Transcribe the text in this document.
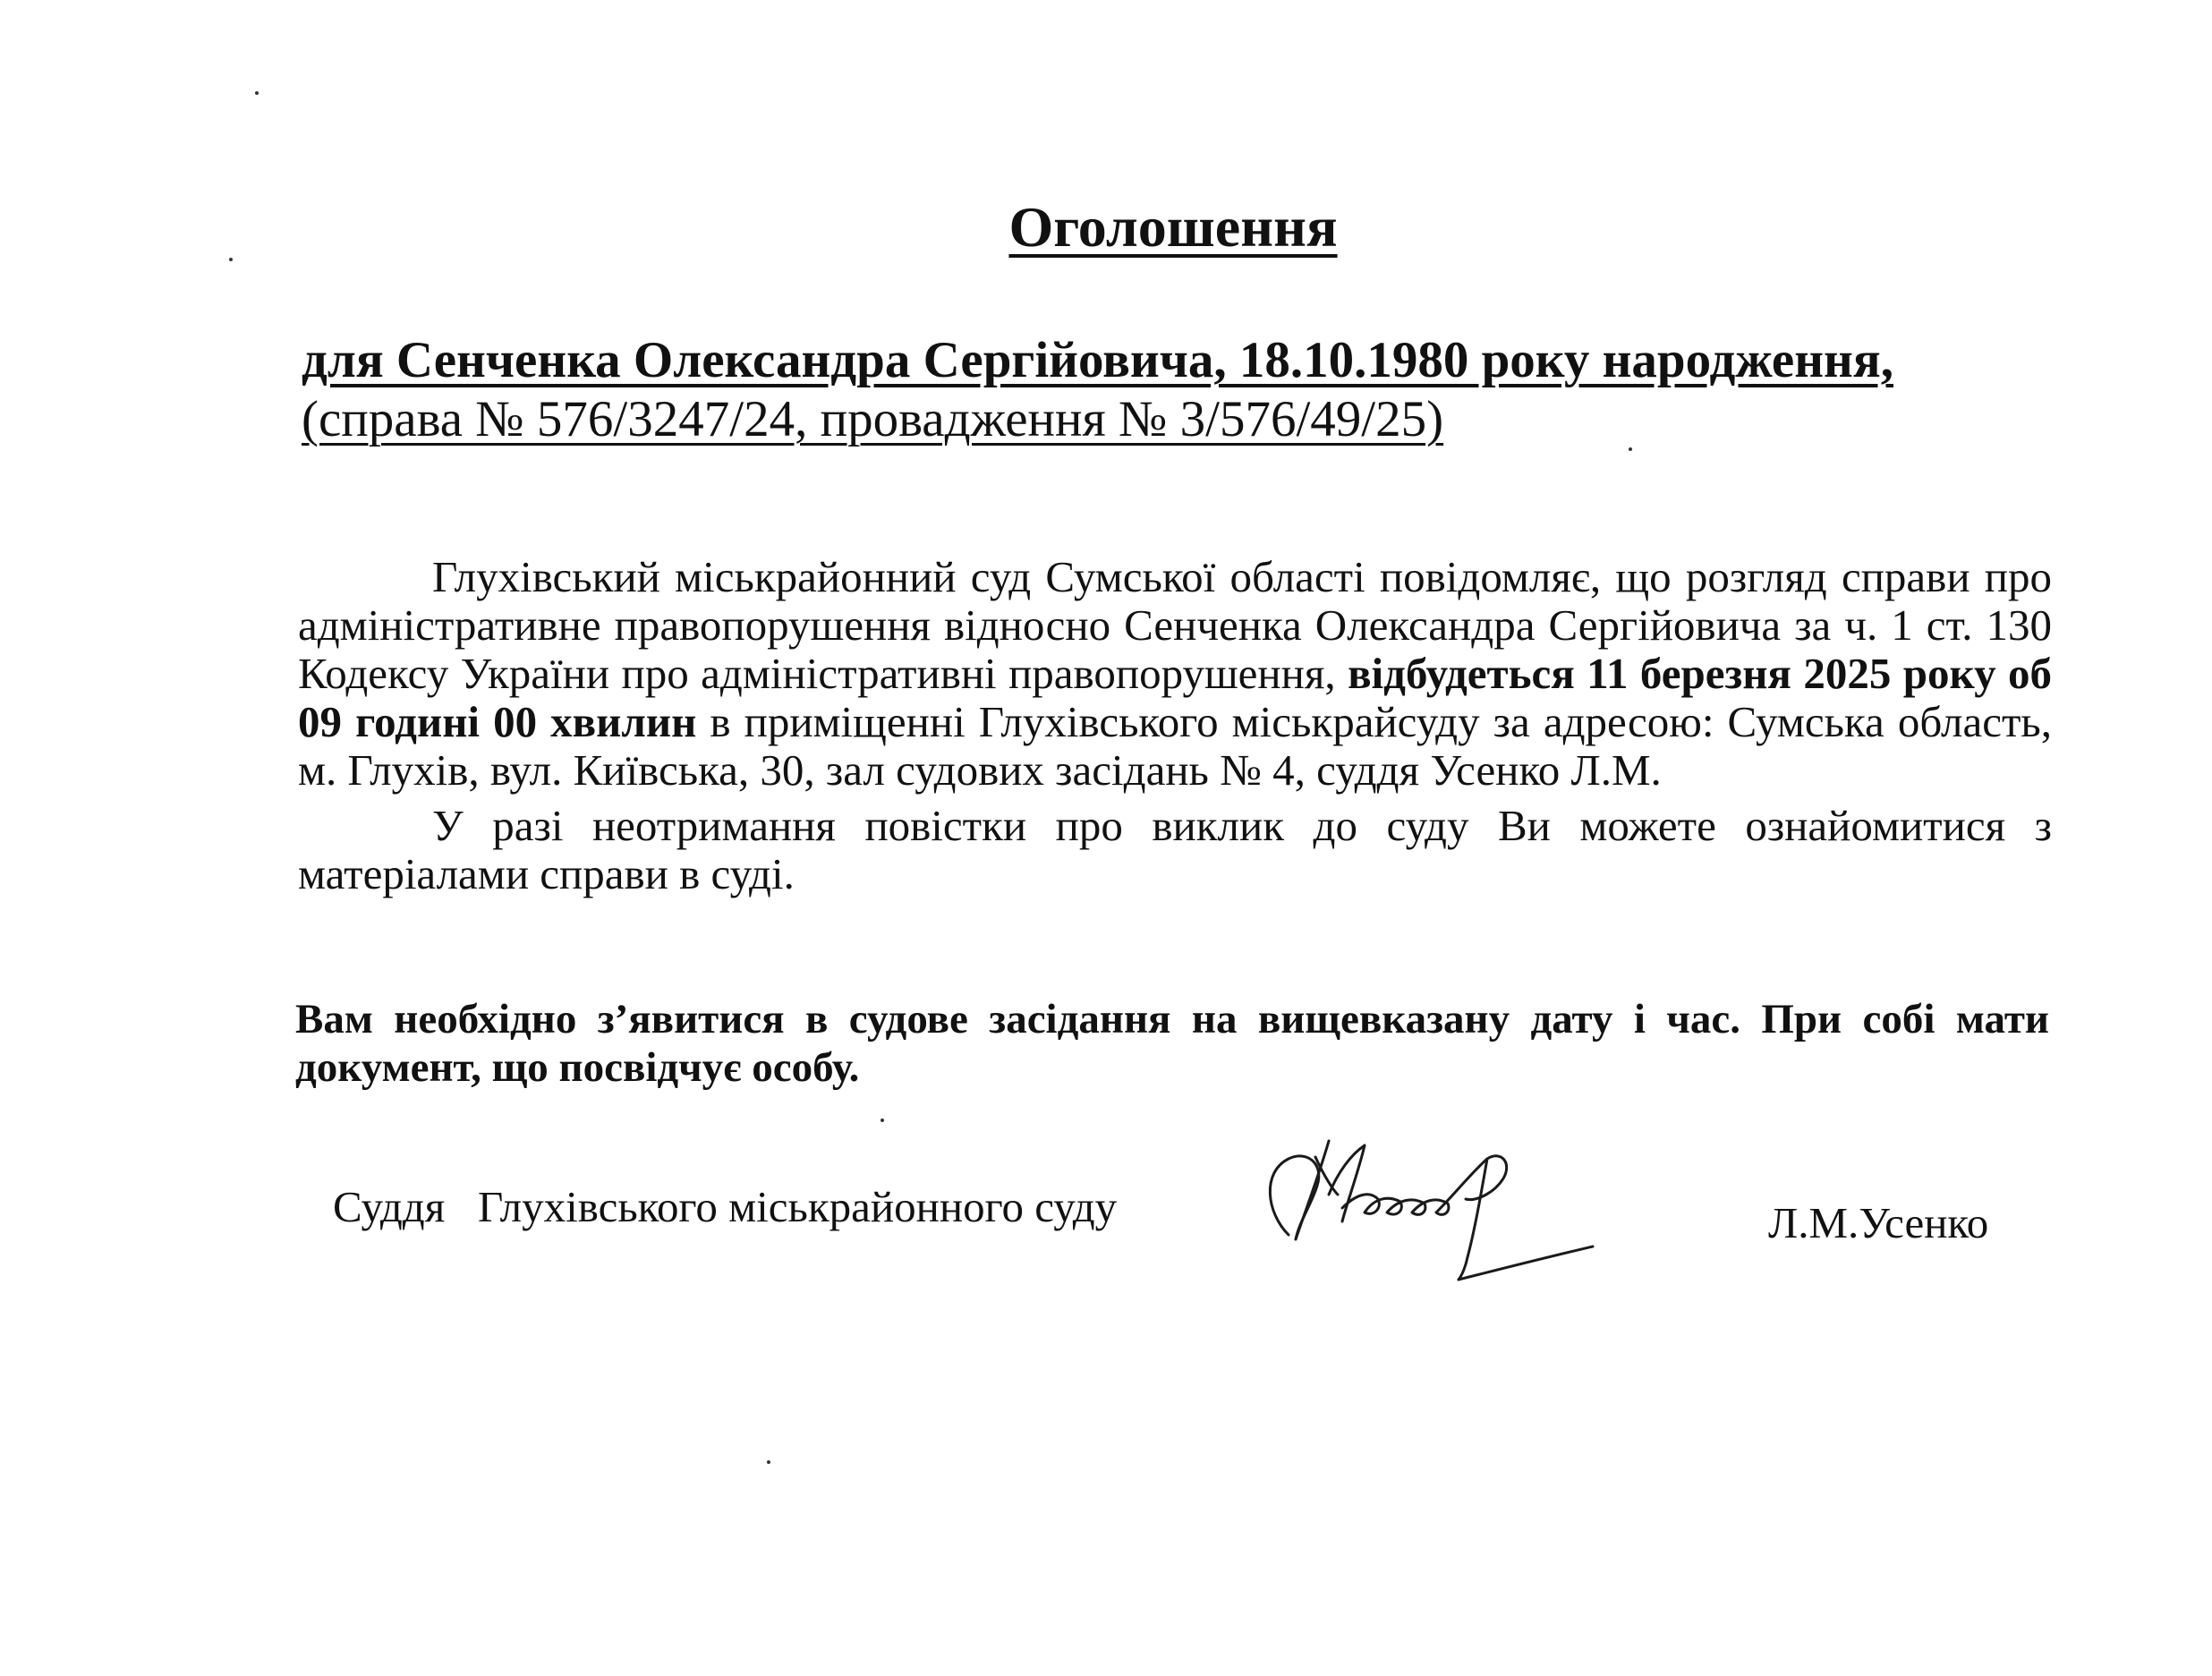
Оголошення
для Сенченка Олександра Сергійовича, 18.10.1980 року народження,
(справа № 576/3247/24, провадження № 3/576/49/25)

Глухівський міськрайонний суд Сумської області повідомляє, що розгляд справи про адміністративне правопорушення відносно Сенченка Олександра Сергійовича за ч. 1 ст. 130 Кодексу України про адміністративні правопорушення, відбудеться 11 березня 2025 року об 09 годині 00 хвилин в приміщенні Глухівського міськрайсуду за адресою: Сумська область, м. Глухів, вул. Київська, 30, зал судових засідань № 4, суддя Усенко Л.М.

У разі неотримання повістки про виклик до суду Ви можете ознайомитися з матеріалами справи в суді.

Вам необхідно з’явитися в судове засідання на вищевказану дату і час. При собі мати документ, що посвідчує особу.
Суддя   Глухівського міськрайонного суду	Л.М.Усенко
